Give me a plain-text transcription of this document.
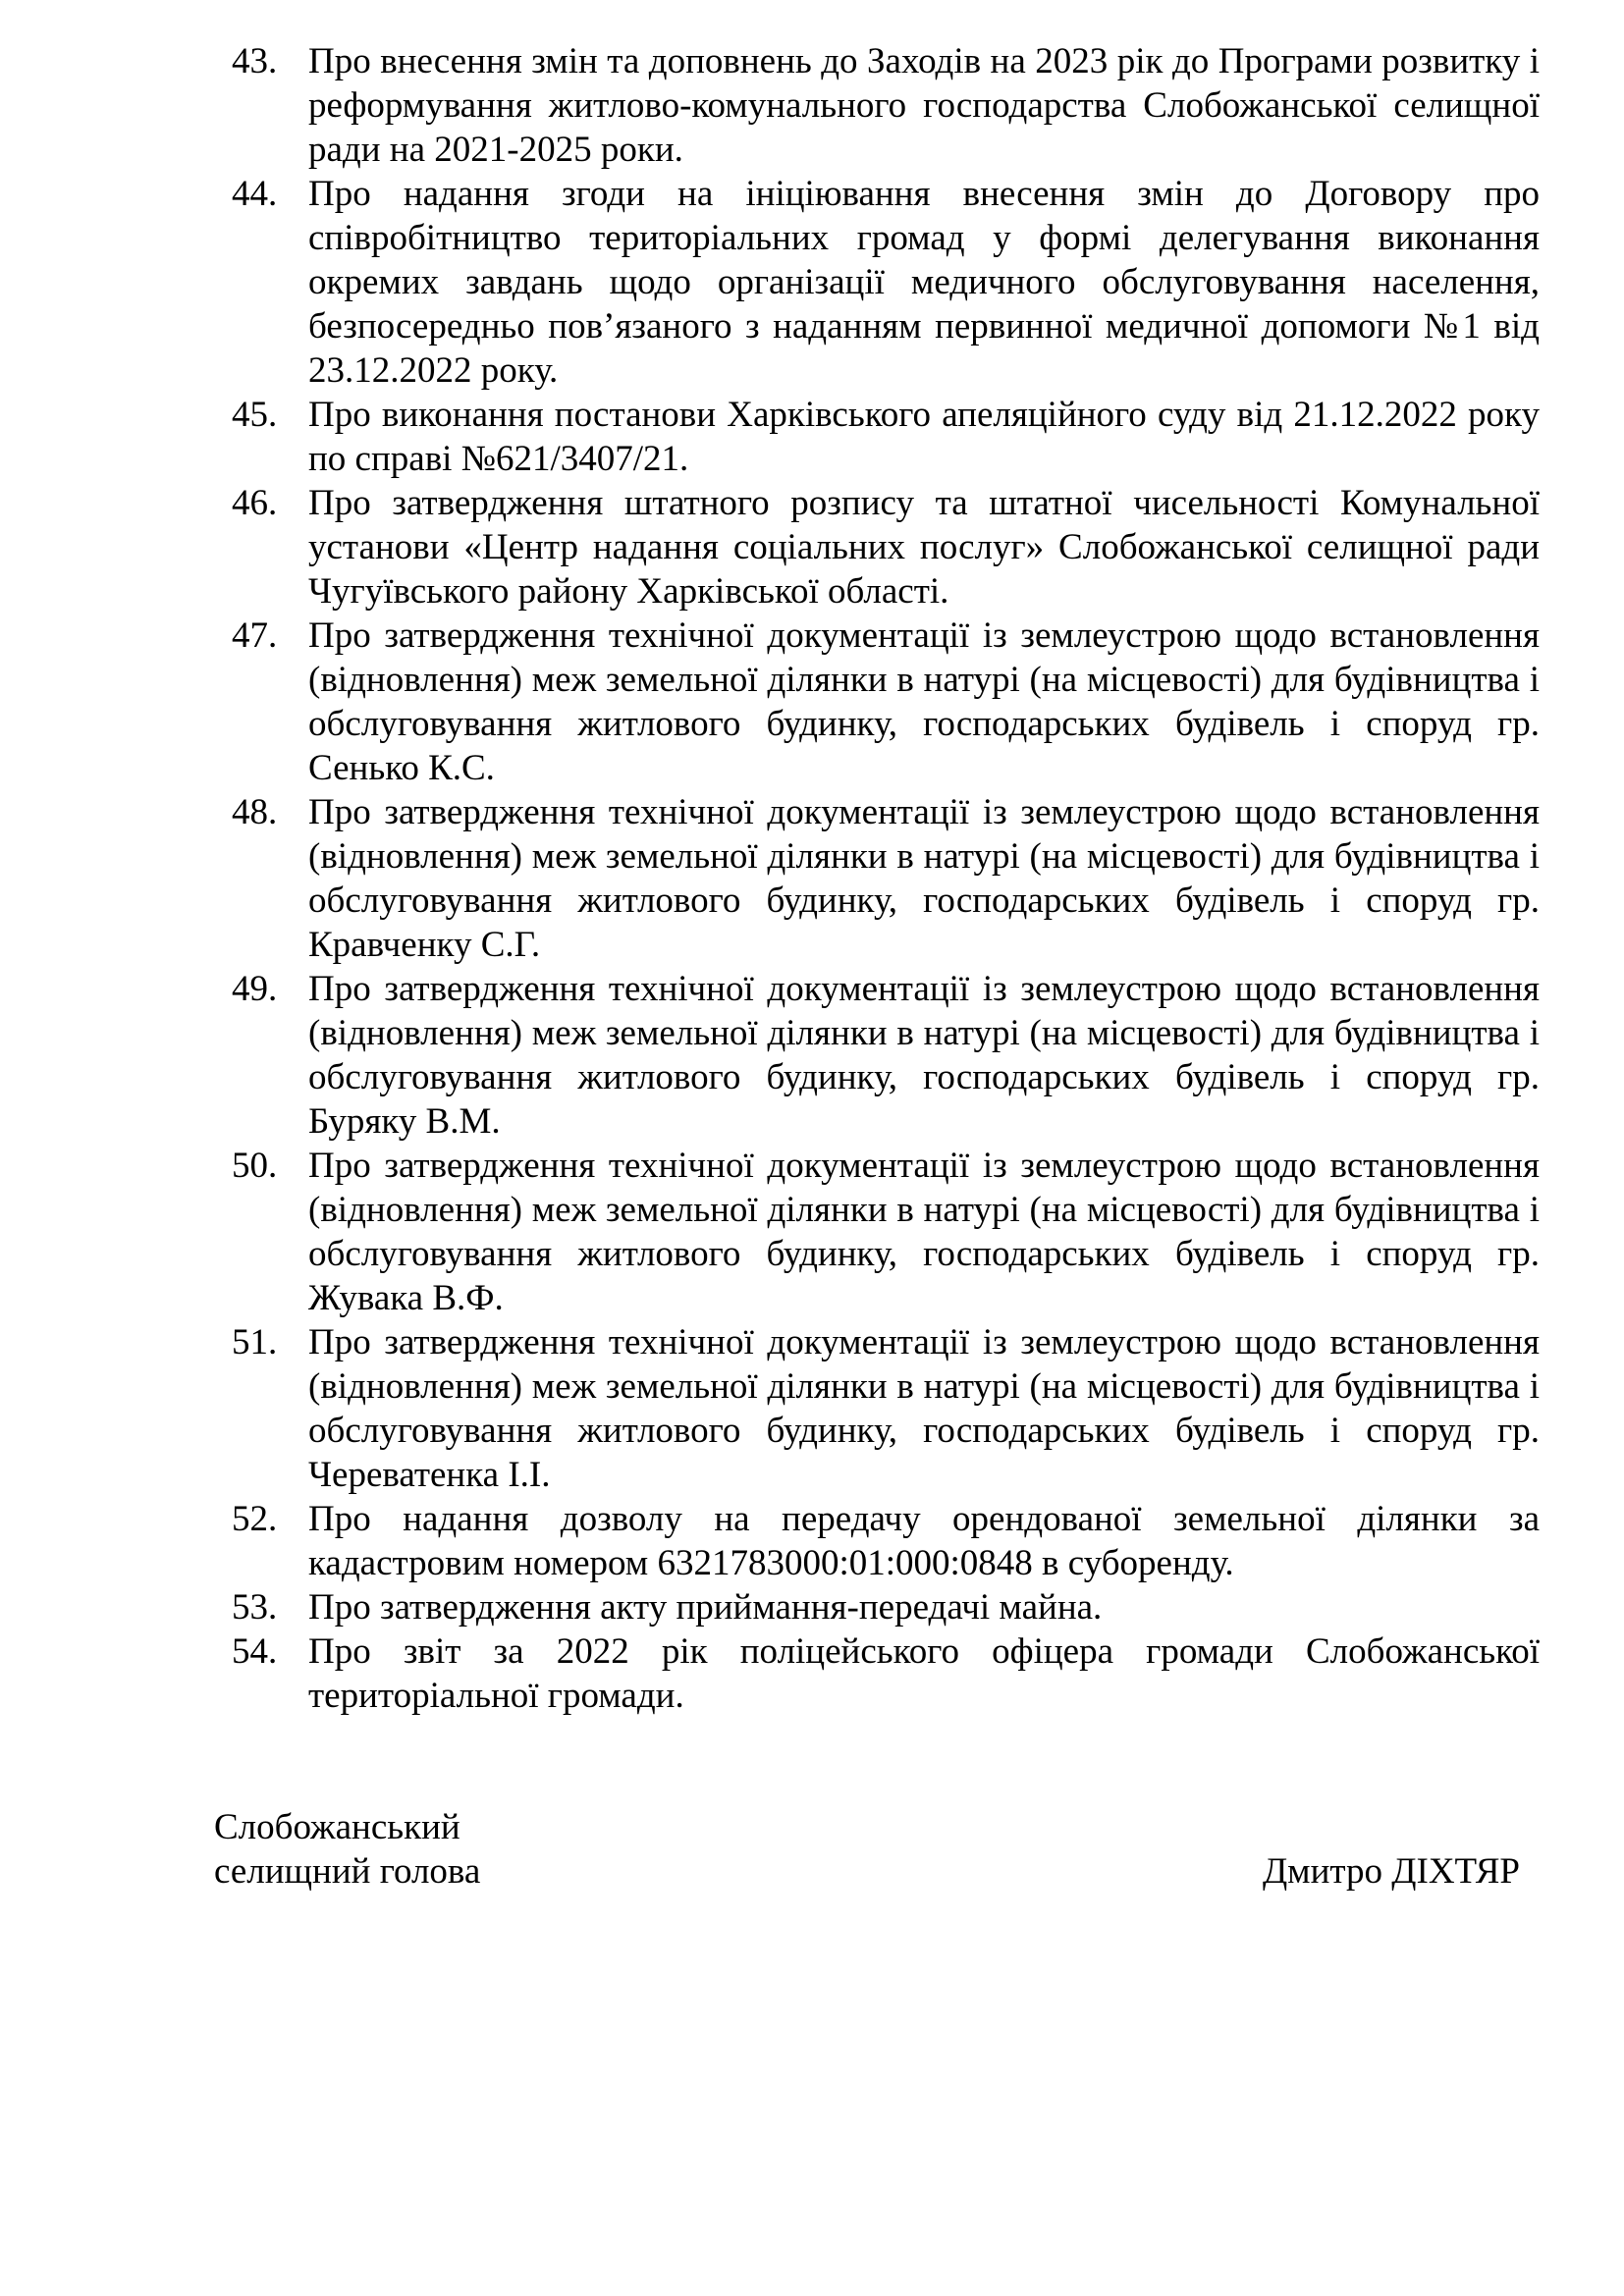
43. Про внесення змін та доповнень до Заходів на 2023 рік до Програми розвитку і реформування житлово-комунального господарства Слобожанської селищної ради на 2021-2025 роки.
44. Про надання згоди на ініціювання внесення змін до Договору про співробітництво територіальних громад у формі делегування виконання окремих завдань щодо організації медичного обслуговування населення, безпосередньо пов’язаного з наданням первинної медичної допомоги №1 від 23.12.2022 року.
45. Про виконання постанови Харківського апеляційного суду від 21.12.2022 року по справі №621/3407/21.
46. Про затвердження штатного розпису та штатної чисельності Комунальної установи «Центр надання соціальних послуг» Слобожанської селищної ради Чугуївського району Харківської області.
47. Про затвердження технічної документації із землеустрою щодо встановлення (відновлення) меж земельної ділянки в натурі (на місцевості) для будівництва і обслуговування житлового будинку, господарських будівель і споруд гр. Сенько К.С.
48. Про затвердження технічної документації із землеустрою щодо встановлення (відновлення) меж земельної ділянки в натурі (на місцевості) для будівництва і обслуговування житлового будинку, господарських будівель і споруд гр. Кравченку С.Г.
49. Про затвердження технічної документації із землеустрою щодо встановлення (відновлення) меж земельної ділянки в натурі (на місцевості) для будівництва і обслуговування житлового будинку, господарських будівель і споруд гр. Буряку В.М.
50. Про затвердження технічної документації із землеустрою щодо встановлення (відновлення) меж земельної ділянки в натурі (на місцевості) для будівництва і обслуговування житлового будинку, господарських будівель і споруд гр. Жувака В.Ф.
51. Про затвердження технічної документації із землеустрою щодо встановлення (відновлення) меж земельної ділянки в натурі (на місцевості) для будівництва і обслуговування житлового будинку, господарських будівель і споруд гр. Череватенка І.І.
52. Про надання дозволу на передачу орендованої земельної ділянки за кадастровим номером 6321783000:01:000:0848 в суборенду.
53. Про затвердження акту приймання-передачі майна.
54. Про звіт за 2022 рік поліцейського офіцера громади Слобожанської територіальної громади.
Слобожанський
селищний голова	Дмитро ДІХТЯР
